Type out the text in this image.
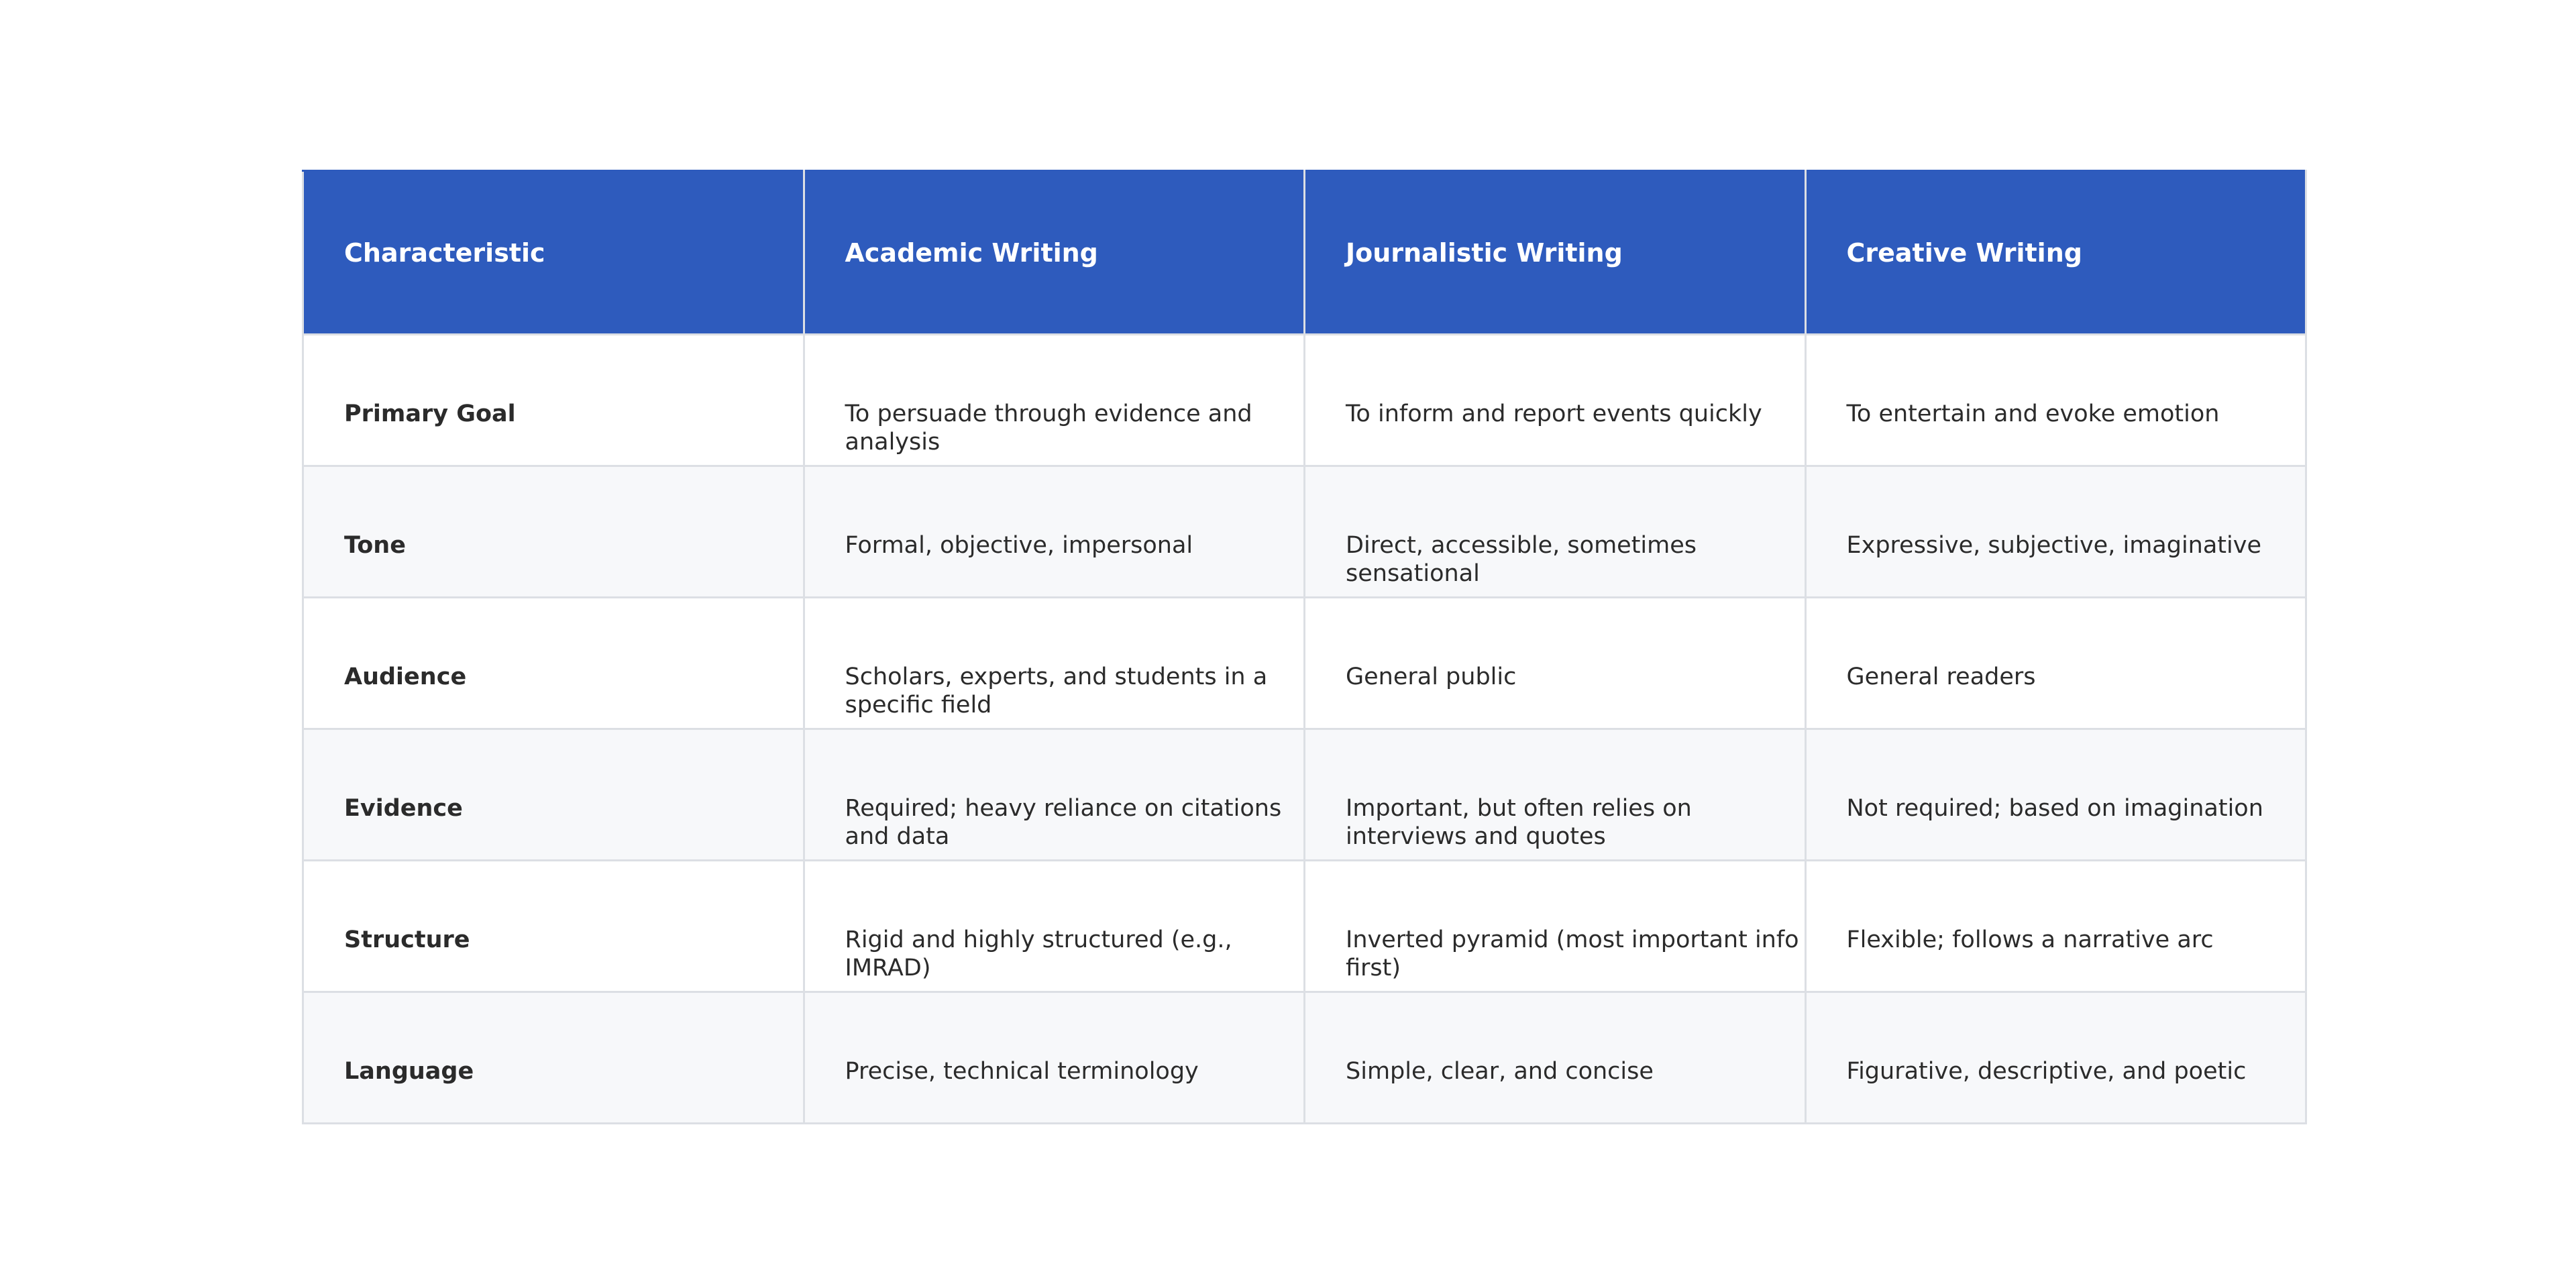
Characteristic	Academic Writing	Journalistic Writing	Creative Writing
Primary Goal	To persuade through evidence and analysis	To inform and report events quickly	To entertain and evoke emotion
Tone	Formal, objective, impersonal	Direct, accessible, sometimes sensational	Expressive, subjective, imaginative
Audience	Scholars, experts, and students in a specific field	General public	General readers
Evidence	Required; heavy reliance on citations and data	Important, but often relies on interviews and quotes	Not required; based on imagination
Structure	Rigid and highly structured (e.g., IMRAD)	Inverted pyramid (most important info first)	Flexible; follows a narrative arc
Language	Precise, technical terminology	Simple, clear, and concise	Figurative, descriptive, and poetic
